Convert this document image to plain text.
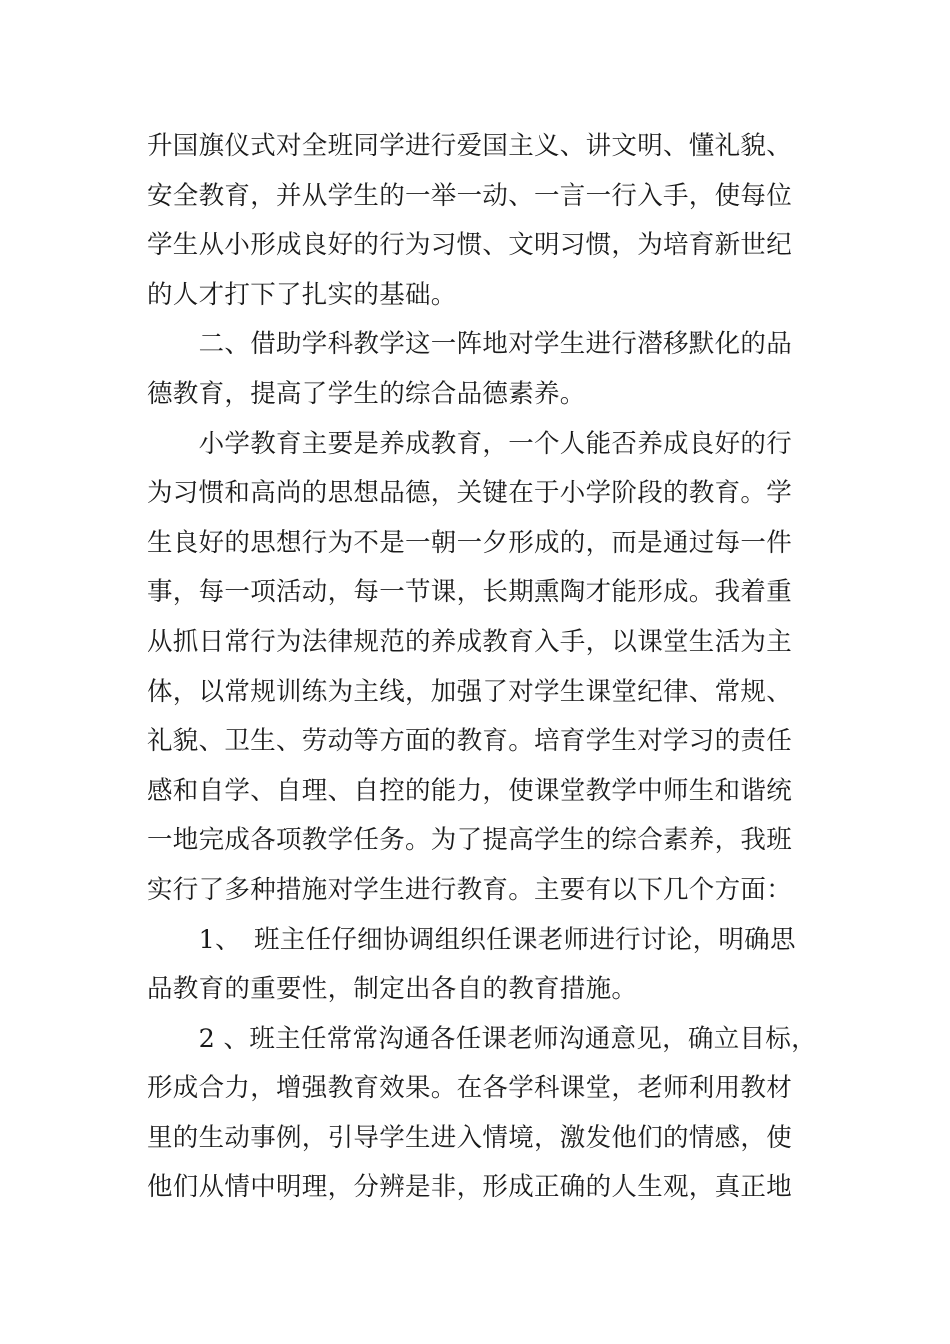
升国旗仪式对全班同学进行爱国主义、讲文明、懂礼貌、
安全教育，并从学生的一举一动、一言一行入手，使每位
学生从小形成良好的行为习惯、文明习惯，为培育新世纪
的人才打下了扎实的基础。
　　二、借助学科教学这一阵地对学生进行潜移默化的品
德教育，提高了学生的综合品德素养。
　　小学教育主要是养成教育，一个人能否养成良好的行
为习惯和高尚的思想品德，关键在于小学阶段的教育。学
生良好的思想行为不是一朝一夕形成的，而是通过每一件
事，每一项活动，每一节课，长期熏陶才能形成。我着重
从抓日常行为法律规范的养成教育入手，以课堂生活为主
体，以常规训练为主线，加强了对学生课堂纪律、常规、
礼貌、卫生、劳动等方面的教育。培育学生对学习的责任
感和自学、自理、自控的能力，使课堂教学中师生和谐统
一地完成各项教学任务。为了提高学生的综合素养，我班
实行了多种措施对学生进行教育。主要有以下几个方面：
　　1、　班主任仔细协调组织任课老师进行讨论，明确思
品教育的重要性，制定出各自的教育措施。
　　2 、班主任常常沟通各任课老师沟通意见，确立目标，
形成合力，增强教育效果。在各学科课堂，老师利用教材
里的生动事例，引导学生进入情境，激发他们的情感，使
他们从情中明理，分辨是非，形成正确的人生观，真正地
